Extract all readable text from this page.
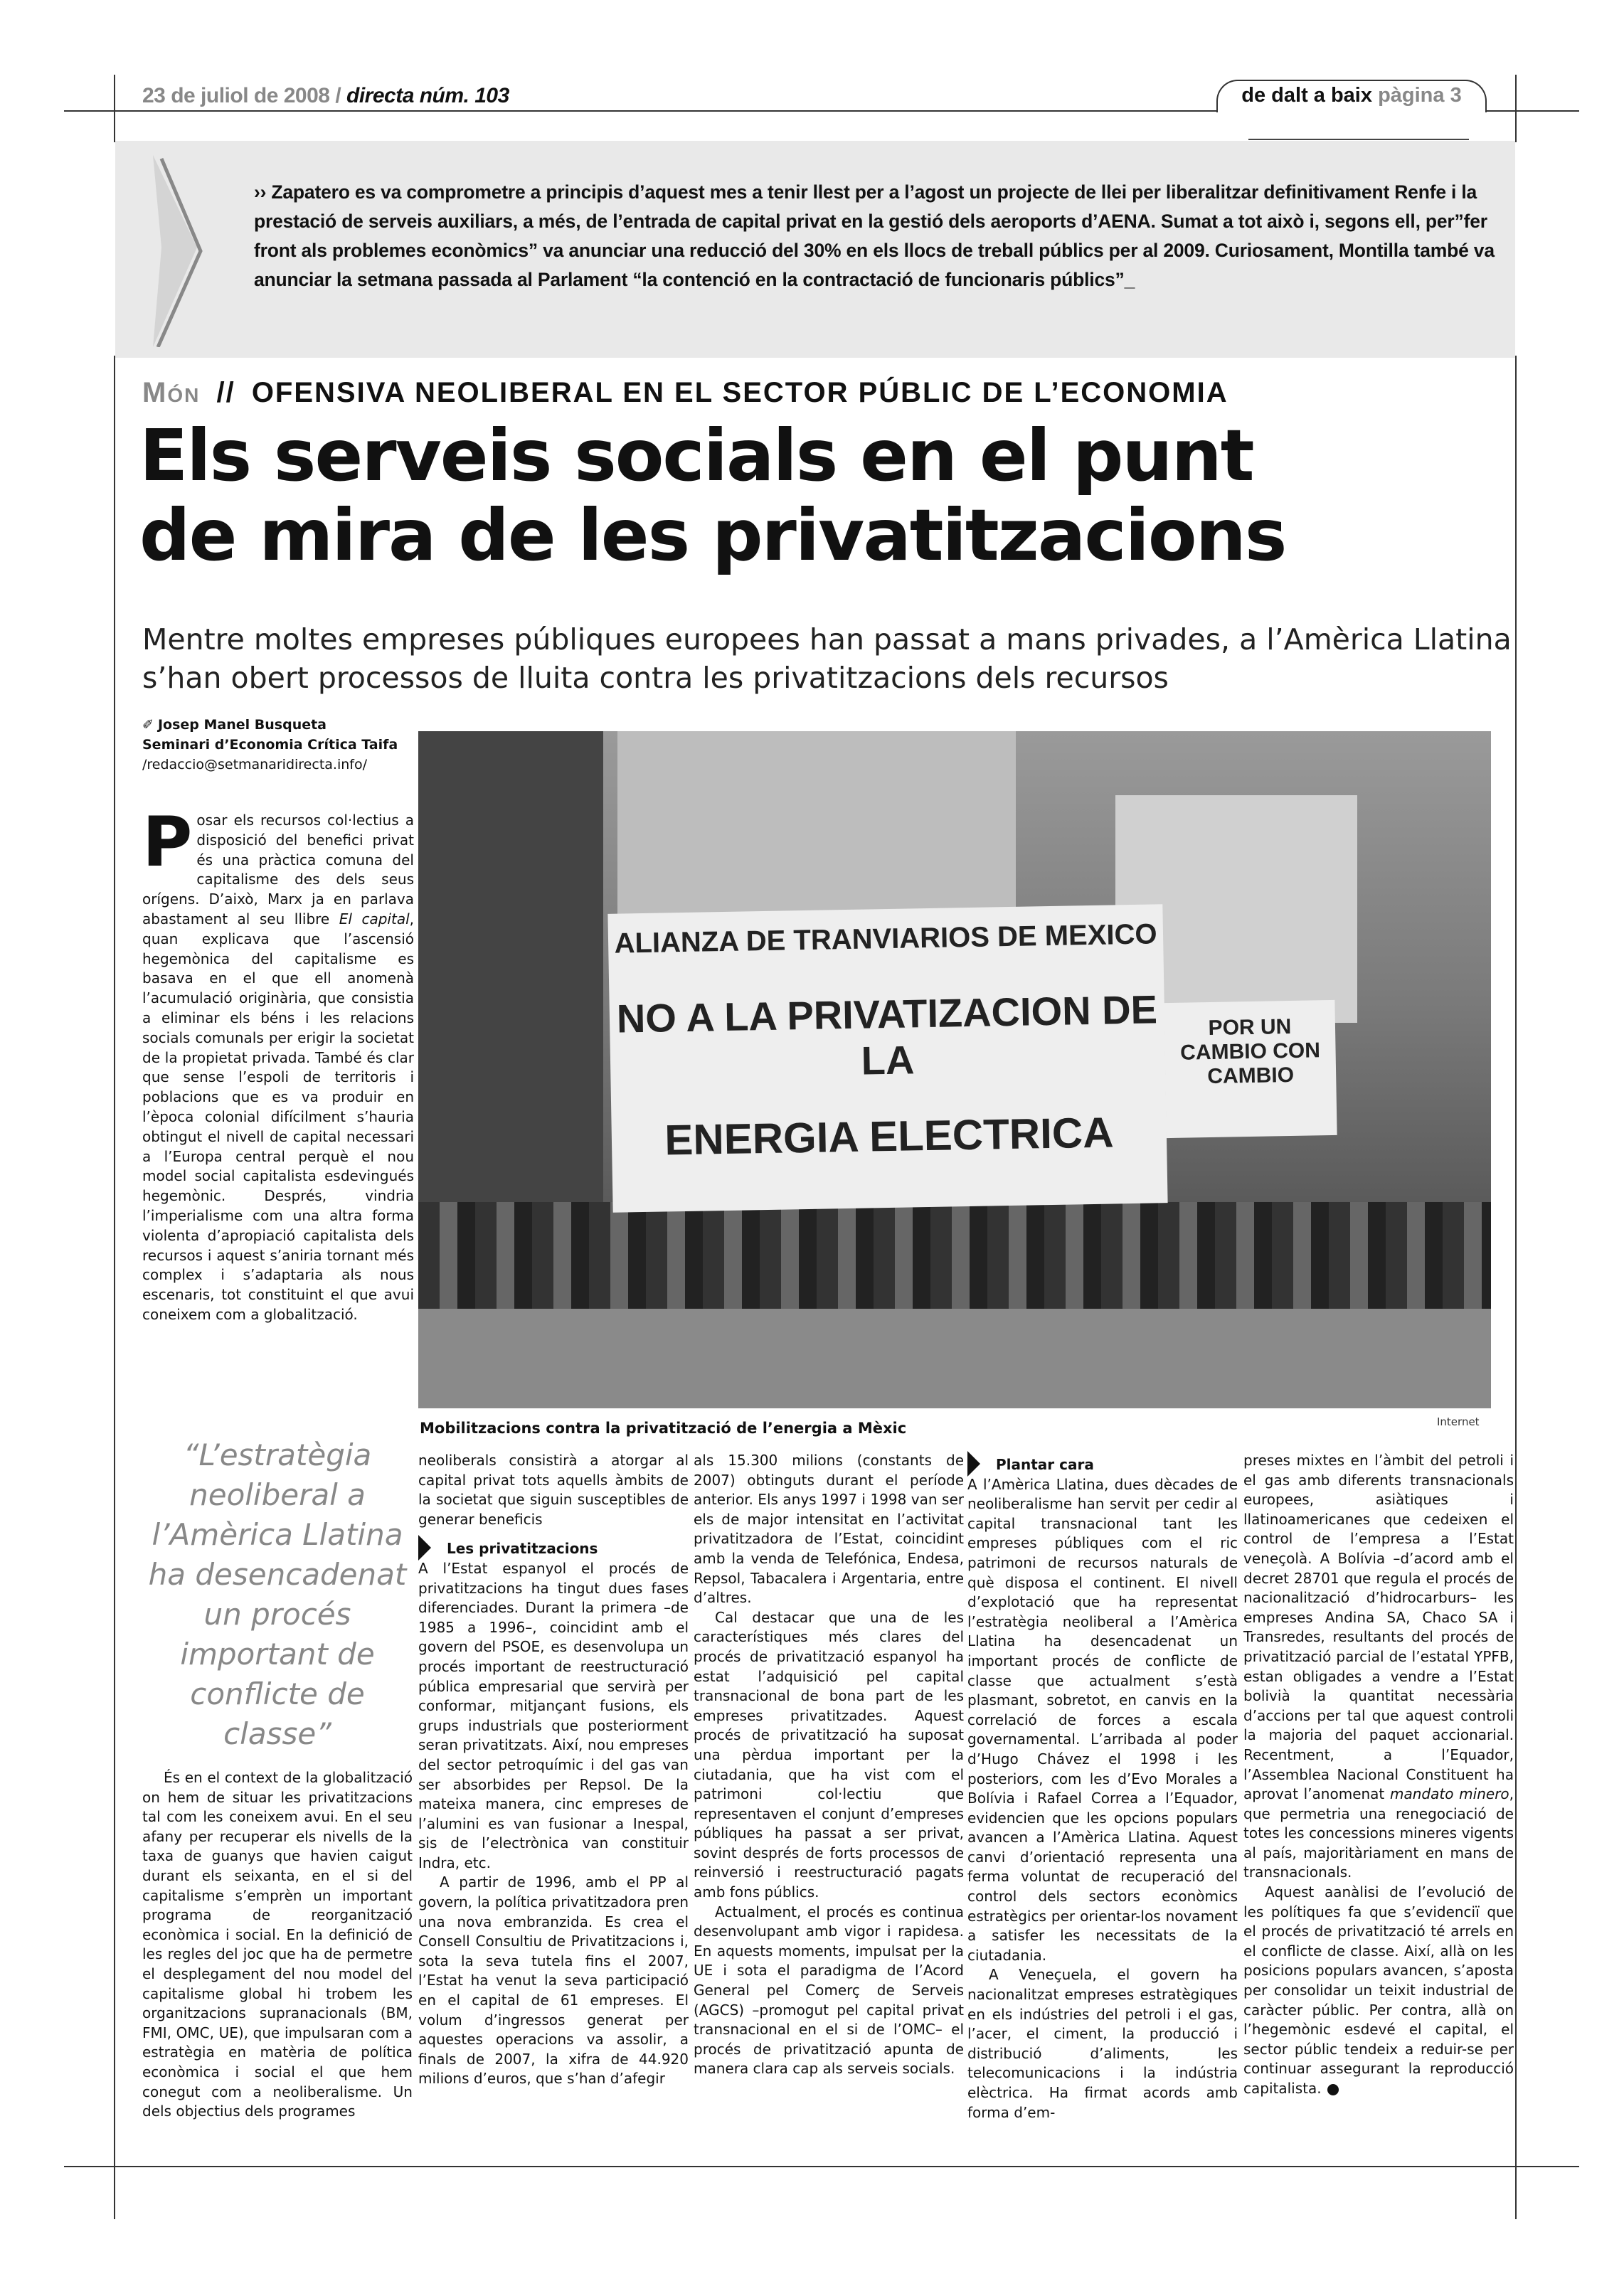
23 de juliol de 2008 / directa núm. 103	de dalt a baix pàgina 3

›› Zapatero es va comprometre a principis d’aquest mes a tenir llest per a l’agost un projecte de llei per liberalitzar definitivament Renfe i la prestació de serveis auxiliars, a més, de l’entrada de capital privat en la gestió dels aeroports d’AENA. Sumat a tot això i, segons ell, per”fer front als problemes econòmics” va anunciar una reducció del 30% en els llocs de treball públics per al 2009. Curiosament, Montilla també va anunciar la setmana passada al Parlament “la contenció en la contractació de funcionaris públics”_

Món // OFENSIVA NEOLIBERAL EN EL SECTOR PÚBLIC DE L’ECONOMIA
Els serveis socials en el punt
de mira de les privatitzacions
Mentre moltes empreses públiques europees han passat a mans privades, a l’Amèrica Llatina s’han obert processos de lluita contra les privatitzacions dels recursos
✐ Josep Manel Busqueta
Seminari d’Economia Crítica Taifa
/redaccio@setmanaridirecta.info/
ALIANZA DE TRANVIARIOS DE MEXICO
NO A LA PRIVATIZACION DE LA
ENERGIA ELECTRICA
POR UN CAMBIO CON CAMBIO
Internet
Mobilitzacions contra la privatització de l’energia a Mèxic
P osar els recursos col·lectius a disposició del benefici privat és una pràctica comuna del capitalisme des dels seus orígens. D’això, Marx ja en parlava abastament al seu llibre El capital, quan explicava que l’ascensió hegemònica del capitalisme es basava en el que ell anomenà l’acumulació originària, que consistia a eliminar els béns i les relacions socials comunals per erigir la societat de la propietat privada. També és clar que sense l’espoli de territoris i poblacions que es va produir en l’època colonial difícilment s’hauria obtingut el nivell de capital necessari a l’Europa central perquè el nou model social capitalista esdevingués hegemònic. Després, vindria l’imperialisme com una altra forma violenta d’apropiació capitalista dels recursos i aquest s’aniria tornant més complex i s’adaptaria als nous escenaris, tot constituint el que avui coneixem com a globalització.
“L’estratègia neoliberal a l’Amèrica Llatina ha desencadenat un procés important de conflicte de classe”

És en el context de la globalització on hem de situar les privatitzacions tal com les coneixem avui. En el seu afany per recuperar els nivells de la taxa de guanys que havien caigut durant els seixanta, en el si del capitalisme s’emprèn un important programa de reorganització econòmica i social. En la definició de les regles del joc que ha de permetre el desplegament del nou model del capitalisme global hi trobem les organitzacions supranacionals (BM, FMI, OMC, UE), que impulsaran com a estratègia en matèria de política econòmica i social el que hem conegut com a neoliberalisme. Un dels objectius dels programes

neoliberals consistirà a atorgar al capital privat tots aquells àmbits de la societat que siguin susceptibles de generar beneficis

Les privatitzacions

A l’Estat espanyol el procés de privatitzacions ha tingut dues fases diferenciades. Durant la primera –de 1985 a 1996–, coincidint amb el govern del PSOE, es desenvolupa un procés important de reestructuració pública empresarial que servirà per conformar, mitjançant fusions, els grups industrials que posteriorment seran privatitzats. Així, nou empreses del sector petroquímic i del gas van ser absorbides per Repsol. De la mateixa manera, cinc empreses de l’alumini es van fusionar a Inespal, sis de l’electrònica van constituir Indra, etc.

A partir de 1996, amb el PP al govern, la política privatitzadora pren una nova embranzida. Es crea el Consell Consultiu de Privatitzacions i, sota la seva tutela fins el 2007, l’Estat ha venut la seva participació en el capital de 61 empreses. El volum d’ingressos generat per aquestes operacions va assolir, a finals de 2007, la xifra de 44.920 milions d’euros, que s’han d’afegir

als 15.300 milions (constants de 2007) obtinguts durant el període anterior. Els anys 1997 i 1998 van ser els de major intensitat en l’activitat privatitzadora de l’Estat, coincidint amb la venda de Telefónica, Endesa, Repsol, Tabacalera i Argentaria, entre d’altres.

Cal destacar que una de les característiques més clares del procés de privatització espanyol ha estat l’adquisició pel capital transnacional de bona part de les empreses privatitzades. Aquest procés de privatització ha suposat una pèrdua important per la ciutadania, que ha vist com el patrimoni col·lectiu que representaven el conjunt d’empreses públiques ha passat a ser privat, sovint després de forts processos de reinversió i reestructuració pagats amb fons públics.

Actualment, el procés es continua desenvolupant amb vigor i rapidesa. En aquests moments, impulsat per la UE i sota el paradigma de l’Acord General pel Comerç de Serveis (AGCS) –promogut pel capital privat transnacional en el si de l’OMC– el procés de privatització apunta de manera clara cap als serveis socials.

Plantar cara

A l’Amèrica Llatina, dues dècades de neoliberalisme han servit per cedir al capital transnacional tant les empreses públiques com el ric patrimoni de recursos naturals de què disposa el continent. El nivell d’explotació que ha representat l’estratègia neoliberal a l’Amèrica Llatina ha desencadenat un important procés de conflicte de classe que actualment s’està plasmant, sobretot, en canvis en la correlació de forces a escala governamental. L’arribada al poder d’Hugo Chávez el 1998 i les posteriors, com les d’Evo Morales a Bolívia i Rafael Correa a l’Equador, evidencien que les opcions populars avancen a l’Amèrica Llatina. Aquest canvi d’orientació representa una ferma voluntat de recuperació del control dels sectors econòmics estratègics per orientar-los novament a satisfer les necessitats de la ciutadania.

A Veneçuela, el govern ha nacionalitzat empreses estratègiques en els indústries del petroli i el gas, l’acer, el ciment, la producció i distribució d’aliments, les telecomunicacions i la indústria elèctrica. Ha firmat acords amb forma d’em-

preses mixtes en l’àmbit del petroli i el gas amb diferents transnacionals europees, asiàtiques i llatinoamericanes que cedeixen el control de l’empresa a l’Estat veneçolà. A Bolívia –d’acord amb el decret 28701 que regula el procés de nacionalització d’hidrocarburs– les empreses Andina SA, Chaco SA i Transredes, resultants del procés de privatització parcial de l’estatal YPFB, estan obligades a vendre a l’Estat bolivià la quantitat necessària d’accions per tal que aquest controli la majoria del paquet accionarial. Recentment, a l’Equador, l’Assemblea Nacional Constituent ha aprovat l’anomenat mandato minero, que permetria una renegociació de totes les concessions mineres vigents al país, majoritàriament en mans de transnacionals.

Aquest aanàlisi de l’evolució de les polítiques fa que s’evidenciï que el procés de privatització té arrels en el conflicte de classe. Així, allà on les posicions populars avancen, s’aposta per consolidar un teixit industrial de caràcter públic. Per contra, allà on l’hegemònic esdevé el capital, el sector públic tendeix a reduir-se per continuar assegurant la reproducció capitalista.
